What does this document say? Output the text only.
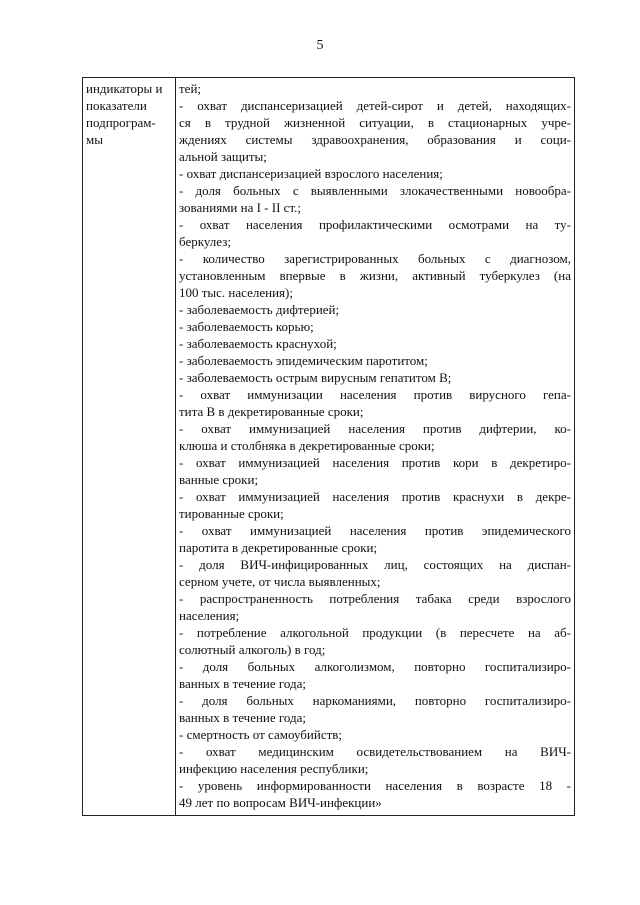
5
индикаторы и
показатели
подпрограм-
мы

тей;
- охват диспансеризацией детей-сирот и детей, находящих-
ся в трудной жизненной ситуации, в стационарных учре-
ждениях системы здравоохранения, образования и соци-
альной защиты;
- охват диспансеризацией взрослого населения;
- доля больных с выявленными злокачественными новообра-
зованиями на I - II ст.;
- охват населения профилактическими осмотрами на ту-
беркулез;
- количество зарегистрированных больных с диагнозом,
установленным впервые в жизни, активный туберкулез (на
100 тыс. населения);
- заболеваемость дифтерией;
- заболеваемость корью;
- заболеваемость краснухой;
- заболеваемость эпидемическим паротитом;
- заболеваемость острым вирусным гепатитом В;
- охват иммунизации населения против вирусного гепа-
тита В в декретированные сроки;
- охват иммунизацией населения против дифтерии, ко-
клюша и столбняка в декретированные сроки;
- охват иммунизацией населения против кори в декретиро-
ванные сроки;
- охват иммунизацией населения против краснухи в декре-
тированные сроки;
- охват иммунизацией населения против эпидемического
паротита в декретированные сроки;
- доля ВИЧ-инфицированных лиц, состоящих на диспан-
серном учете, от числа выявленных;
- распространенность потребления табака среди взрослого
населения;
- потребление алкогольной продукции (в пересчете на аб-
солютный алкоголь) в год;
- доля больных алкоголизмом, повторно госпитализиро-
ванных в течение года;
- доля больных наркоманиями, повторно госпитализиро-
ванных в течение года;
- смертность от самоубийств;
- охват медицинским освидетельствованием на ВИЧ-
инфекцию населения республики;
- уровень информированности населения в возрасте 18 -
49 лет по вопросам ВИЧ-инфекции»
